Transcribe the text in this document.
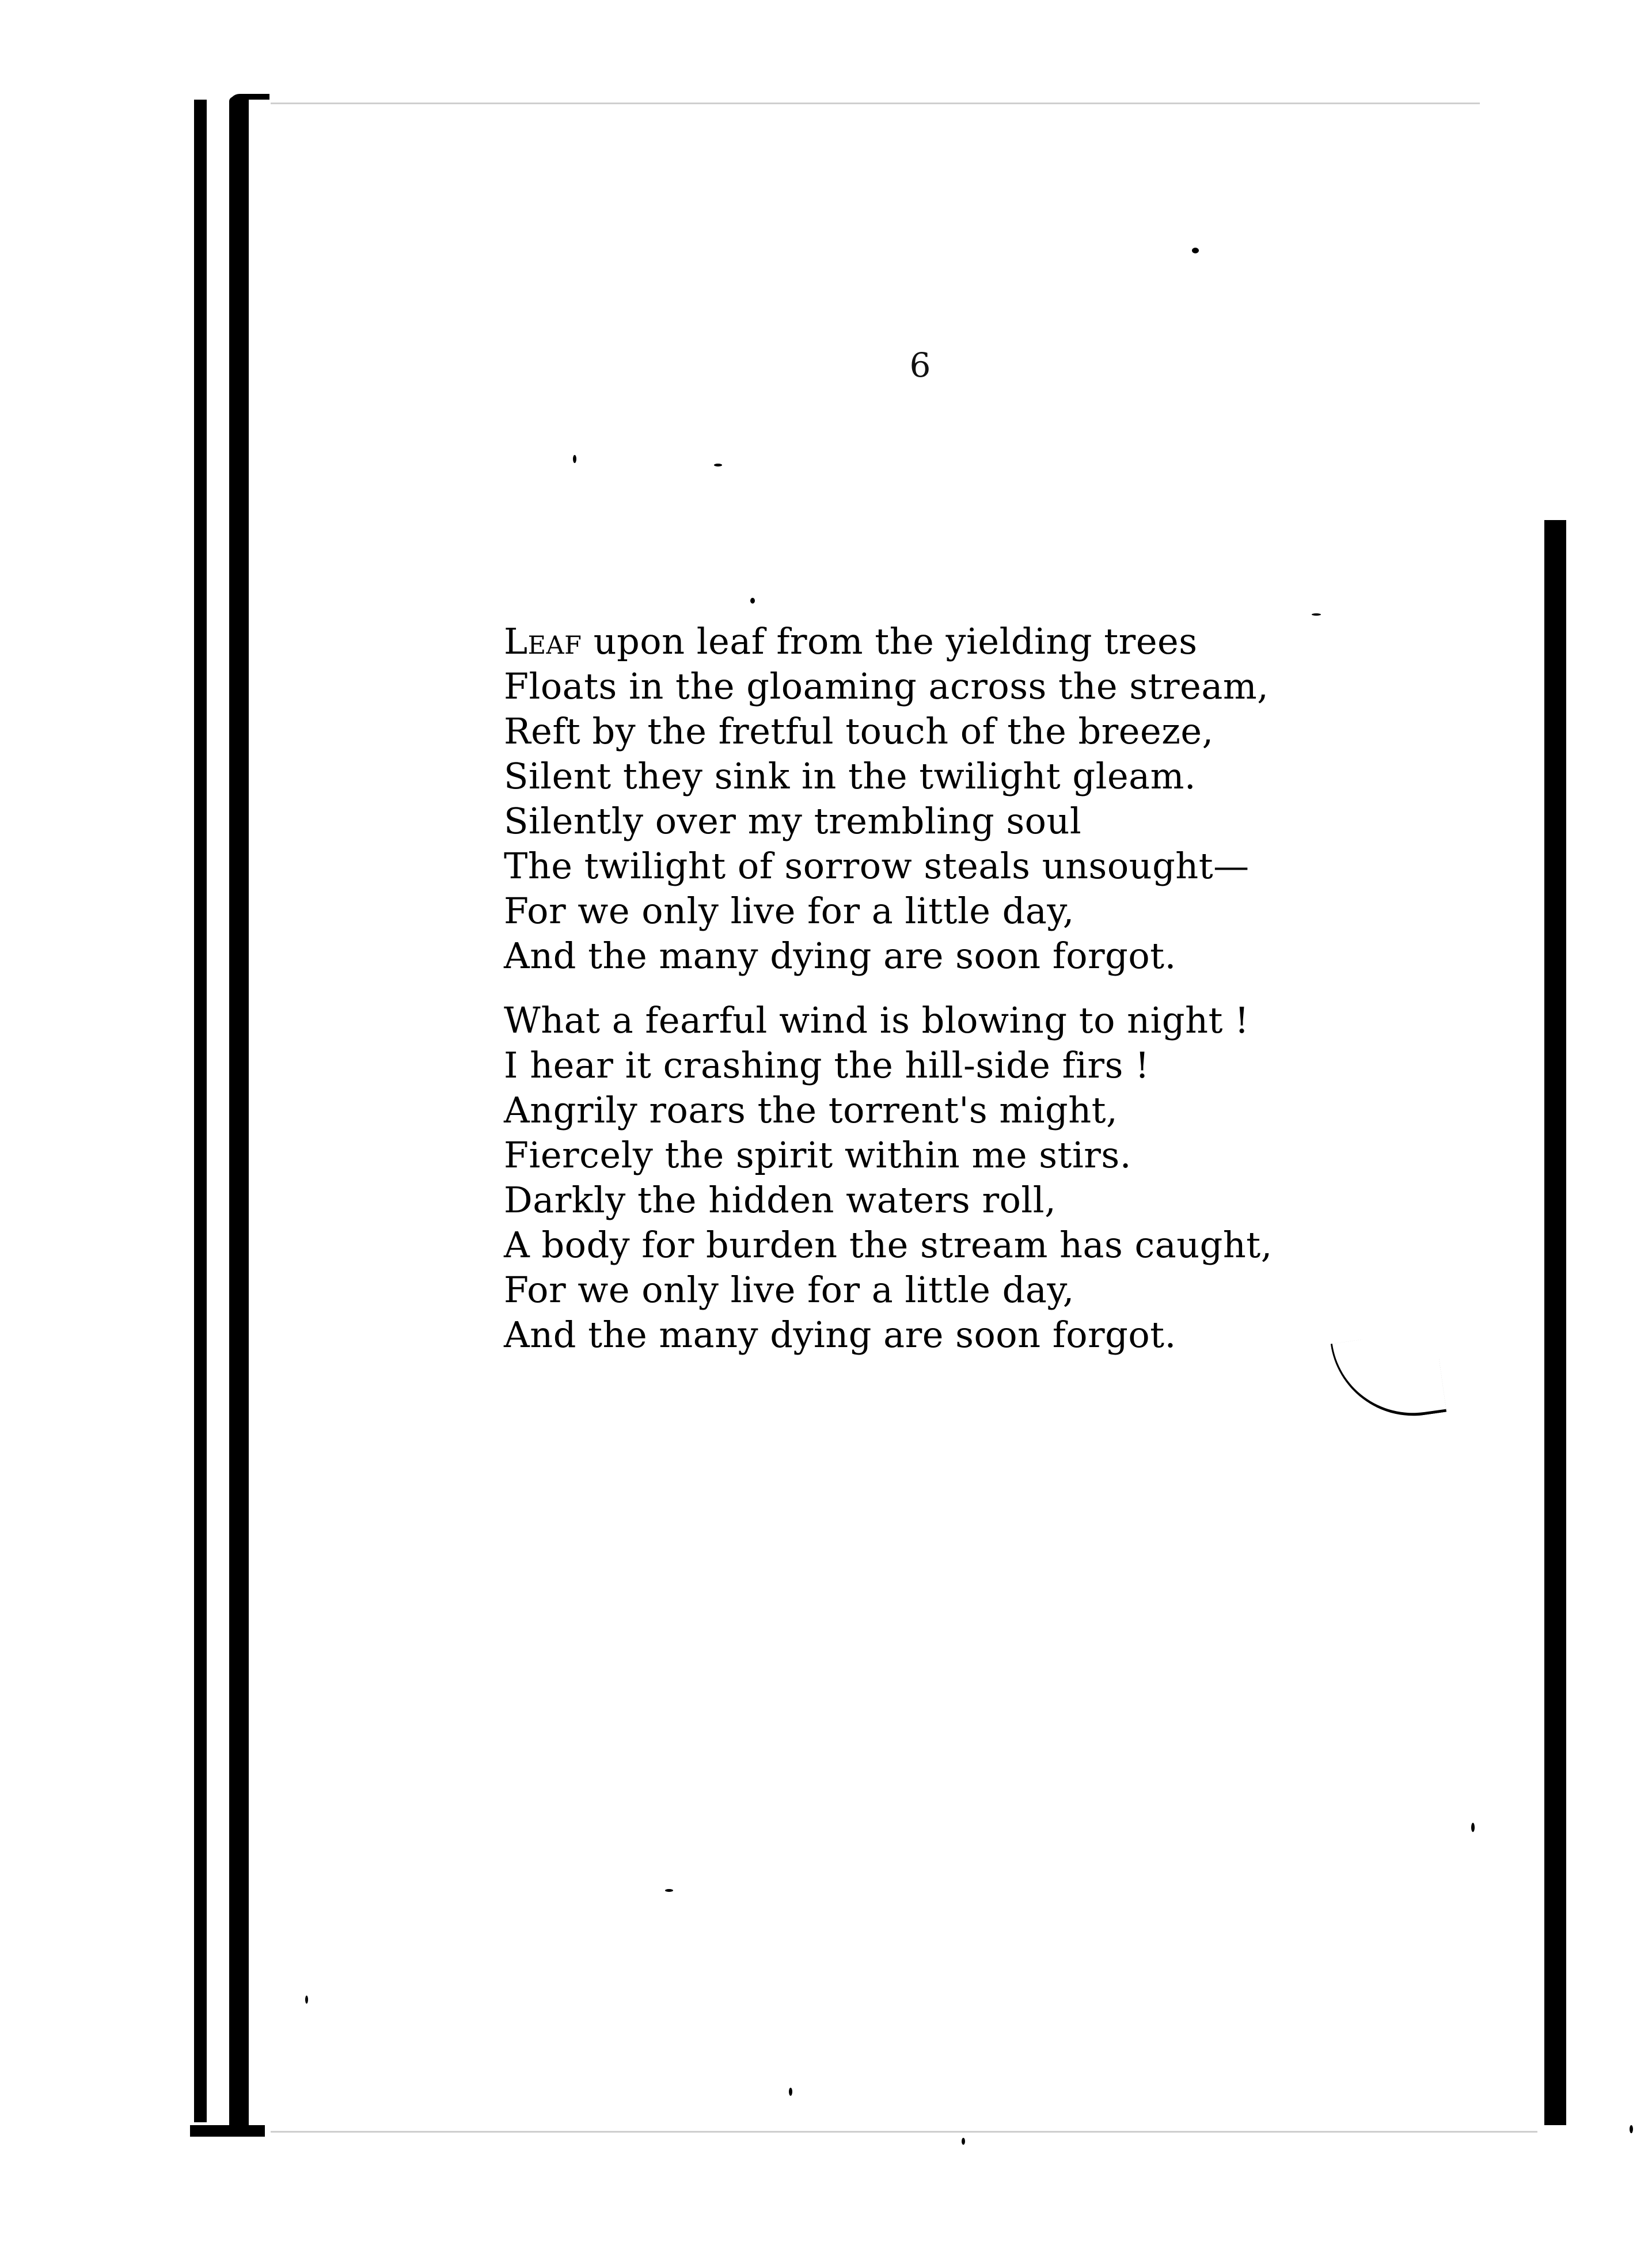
6
Leaf upon leaf from the yielding trees
Floats in the gloaming across the stream,
Reft by the fretful touch of the breeze,
Silent they sink in the twilight gleam.
Silently over my trembling soul
The twilight of sorrow steals unsought—
For we only live for a little day,
And the many dying are soon forgot.
What a fearful wind is blowing to night !
I hear it crashing the hill-side firs !
Angrily roars the torrent's might,
Fiercely the spirit within me stirs.
Darkly the hidden waters roll,
A body for burden the stream has caught,
For we only live for a little day,
And the many dying are soon forgot.
